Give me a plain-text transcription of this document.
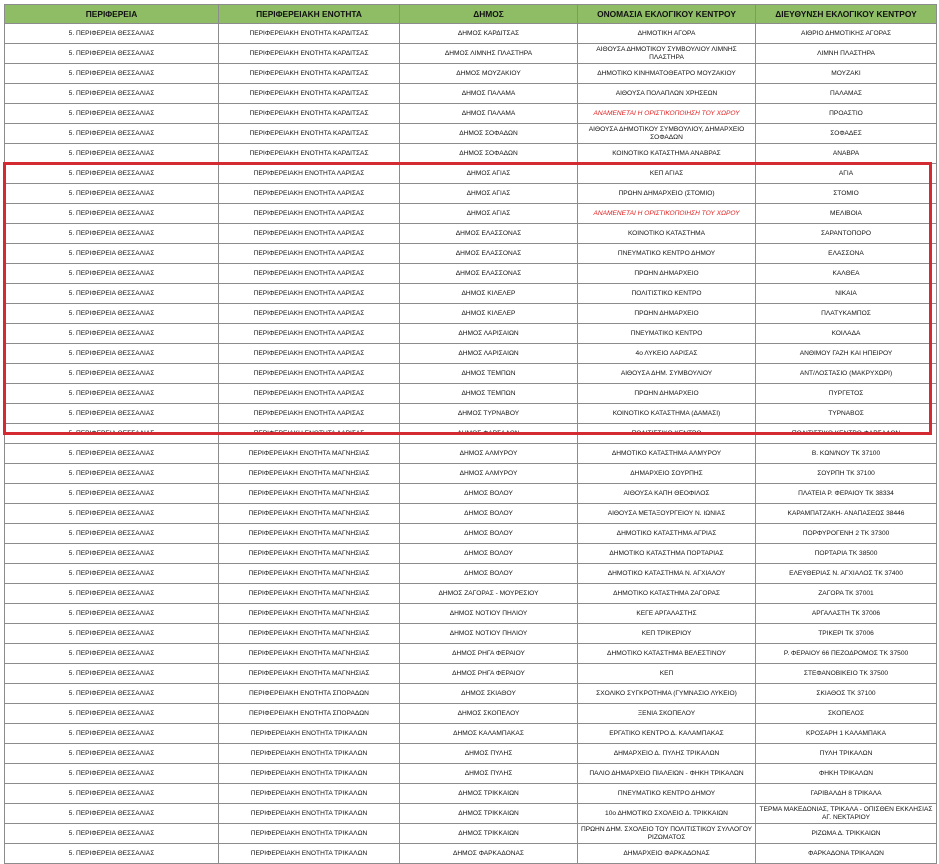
ΠΕΡΙΦΕΡΕΙΑ	ΠΕΡΙΦΕΡΕΙΑΚΗ ΕΝΟΤΗΤΑ	ΔΗΜΟΣ	ΟΝΟΜΑΣΙΑ ΕΚΛΟΓΙΚΟΥ ΚΕΝΤΡΟΥ	ΔΙΕΥΘΥΝΣΗ ΕΚΛΟΓΙΚΟΥ ΚΕΝΤΡΟΥ
5. ΠΕΡΙΦΕΡΕΙΑ ΘΕΣΣΑΛΙΑΣ	ΠΕΡΙΦΕΡΕΙΑΚΗ ΕΝΟΤΗΤΑ ΚΑΡΔΙΤΣΑΣ	ΔΗΜΟΣ ΚΑΡΔΙΤΣΑΣ	ΔΗΜΟΤΙΚΗ ΑΓΟΡΑ	ΑΙΘΡΙΟ ΔΗΜΟΤΙΚΗΣ ΑΓΟΡΑΣ
5. ΠΕΡΙΦΕΡΕΙΑ ΘΕΣΣΑΛΙΑΣ	ΠΕΡΙΦΕΡΕΙΑΚΗ ΕΝΟΤΗΤΑ ΚΑΡΔΙΤΣΑΣ	ΔΗΜΟΣ ΛΙΜΝΗΣ ΠΛΑΣΤΗΡΑ	ΑΙΘΟΥΣΑ ΔΗΜΟΤΙΚΟΥ ΣΥΜΒΟΥΛΙΟΥ ΛΙΜΝΗΣ ΠΛΑΣΤΗΡΑ	ΛΙΜΝΗ ΠΛΑΣΤΗΡΑ
5. ΠΕΡΙΦΕΡΕΙΑ ΘΕΣΣΑΛΙΑΣ	ΠΕΡΙΦΕΡΕΙΑΚΗ ΕΝΟΤΗΤΑ ΚΑΡΔΙΤΣΑΣ	ΔΗΜΟΣ ΜΟΥΖΑΚΙΟΥ	ΔΗΜΟΤΙΚΟ ΚΙΝΗΜΑΤΟΘΕΑΤΡΟ ΜΟΥΖΑΚΙΟΥ	ΜΟΥΖΑΚΙ
5. ΠΕΡΙΦΕΡΕΙΑ ΘΕΣΣΑΛΙΑΣ	ΠΕΡΙΦΕΡΕΙΑΚΗ ΕΝΟΤΗΤΑ ΚΑΡΔΙΤΣΑΣ	ΔΗΜΟΣ ΠΑΛΑΜΑ	ΑΙΘΟΥΣΑ ΠΟΛΑΠΛΩΝ ΧΡΗΣΕΩΝ	ΠΑΛΑΜΑΣ
5. ΠΕΡΙΦΕΡΕΙΑ ΘΕΣΣΑΛΙΑΣ	ΠΕΡΙΦΕΡΕΙΑΚΗ ΕΝΟΤΗΤΑ ΚΑΡΔΙΤΣΑΣ	ΔΗΜΟΣ ΠΑΛΑΜΑ	ΑΝΑΜΕΝΕΤΑΙ Η ΟΡΙΣΤΙΚΟΠΟΙΗΣΗ ΤΟΥ ΧΩΡΟΥ	ΠΡΟΑΣΤΙΟ
5. ΠΕΡΙΦΕΡΕΙΑ ΘΕΣΣΑΛΙΑΣ	ΠΕΡΙΦΕΡΕΙΑΚΗ ΕΝΟΤΗΤΑ ΚΑΡΔΙΤΣΑΣ	ΔΗΜΟΣ ΣΟΦΑΔΩΝ	ΑΙΘΟΥΣΑ ΔΗΜΟΤΙΚΟΥ ΣΥΜΒΟΥΛΙΟΥ, ΔΗΜΑΡΧΕΙΟ ΣΟΦΑΔΩΝ	ΣΟΦΑΔΕΣ
5. ΠΕΡΙΦΕΡΕΙΑ ΘΕΣΣΑΛΙΑΣ	ΠΕΡΙΦΕΡΕΙΑΚΗ ΕΝΟΤΗΤΑ ΚΑΡΔΙΤΣΑΣ	ΔΗΜΟΣ ΣΟΦΑΔΩΝ	ΚΟΙΝΟΤΙΚΟ ΚΑΤΑΣΤΗΜΑ ΑΝΑΒΡΑΣ	ΑΝΑΒΡΑ
5. ΠΕΡΙΦΕΡΕΙΑ ΘΕΣΣΑΛΙΑΣ	ΠΕΡΙΦΕΡΕΙΑΚΗ ΕΝΟΤΗΤΑ ΛΑΡΙΣΑΣ	ΔΗΜΟΣ ΑΓΙΑΣ	ΚΕΠ ΑΓΙΑΣ	ΑΓΙΑ
5. ΠΕΡΙΦΕΡΕΙΑ ΘΕΣΣΑΛΙΑΣ	ΠΕΡΙΦΕΡΕΙΑΚΗ ΕΝΟΤΗΤΑ ΛΑΡΙΣΑΣ	ΔΗΜΟΣ ΑΓΙΑΣ	ΠΡΩΗΝ ΔΗΜΑΡΧΕΙΟ (ΣΤΟΜΙΟ)	ΣΤΟΜΙΟ
5. ΠΕΡΙΦΕΡΕΙΑ ΘΕΣΣΑΛΙΑΣ	ΠΕΡΙΦΕΡΕΙΑΚΗ ΕΝΟΤΗΤΑ ΛΑΡΙΣΑΣ	ΔΗΜΟΣ ΑΓΙΑΣ	ΑΝΑΜΕΝΕΤΑΙ Η ΟΡΙΣΤΙΚΟΠΟΙΗΣΗ ΤΟΥ ΧΩΡΟΥ	ΜΕΛΙΒΟΙΑ
5. ΠΕΡΙΦΕΡΕΙΑ ΘΕΣΣΑΛΙΑΣ	ΠΕΡΙΦΕΡΕΙΑΚΗ ΕΝΟΤΗΤΑ ΛΑΡΙΣΑΣ	ΔΗΜΟΣ ΕΛΑΣΣΟΝΑΣ	ΚΟΙΝΟΤΙΚΟ ΚΑΤΑΣΤΗΜΑ	ΣΑΡΑΝΤΟΠΟΡΟ
5. ΠΕΡΙΦΕΡΕΙΑ ΘΕΣΣΑΛΙΑΣ	ΠΕΡΙΦΕΡΕΙΑΚΗ ΕΝΟΤΗΤΑ ΛΑΡΙΣΑΣ	ΔΗΜΟΣ ΕΛΑΣΣΟΝΑΣ	ΠΝΕΥΜΑΤΙΚΟ ΚΕΝΤΡΟ ΔΗΜΟΥ	ΕΛΑΣΣΟΝΑ
5. ΠΕΡΙΦΕΡΕΙΑ ΘΕΣΣΑΛΙΑΣ	ΠΕΡΙΦΕΡΕΙΑΚΗ ΕΝΟΤΗΤΑ ΛΑΡΙΣΑΣ	ΔΗΜΟΣ ΕΛΑΣΣΟΝΑΣ	ΠΡΩΗΝ ΔΗΜΑΡΧΕΙΟ	ΚΑΛΘΕΑ
5. ΠΕΡΙΦΕΡΕΙΑ ΘΕΣΣΑΛΙΑΣ	ΠΕΡΙΦΕΡΕΙΑΚΗ ΕΝΟΤΗΤΑ ΛΑΡΙΣΑΣ	ΔΗΜΟΣ ΚΙΛΕΛΕΡ	ΠΟΛΙΤΙΣΤΙΚΟ ΚΕΝΤΡΟ	ΝΙΚΑΙΑ
5. ΠΕΡΙΦΕΡΕΙΑ ΘΕΣΣΑΛΙΑΣ	ΠΕΡΙΦΕΡΕΙΑΚΗ ΕΝΟΤΗΤΑ ΛΑΡΙΣΑΣ	ΔΗΜΟΣ ΚΙΛΕΛΕΡ	ΠΡΩΗΝ ΔΗΜΑΡΧΕΙΟ	ΠΛΑΤΥΚΑΜΠΟΣ
5. ΠΕΡΙΦΕΡΕΙΑ ΘΕΣΣΑΛΙΑΣ	ΠΕΡΙΦΕΡΕΙΑΚΗ ΕΝΟΤΗΤΑ ΛΑΡΙΣΑΣ	ΔΗΜΟΣ ΛΑΡΙΣΑΙΩΝ	ΠΝΕΥΜΑΤΙΚΟ ΚΕΝΤΡΟ	ΚΟΙΛΑΔΑ
5. ΠΕΡΙΦΕΡΕΙΑ ΘΕΣΣΑΛΙΑΣ	ΠΕΡΙΦΕΡΕΙΑΚΗ ΕΝΟΤΗΤΑ ΛΑΡΙΣΑΣ	ΔΗΜΟΣ ΛΑΡΙΣΑΙΩΝ	4ο ΛΥΚΕΙΟ ΛΑΡΙΣΑΣ	ΑΝΘΙΜΟΥ ΓΑΖΗ ΚΑΙ ΗΠΕΙΡΟΥ
5. ΠΕΡΙΦΕΡΕΙΑ ΘΕΣΣΑΛΙΑΣ	ΠΕΡΙΦΕΡΕΙΑΚΗ ΕΝΟΤΗΤΑ ΛΑΡΙΣΑΣ	ΔΗΜΟΣ ΤΕΜΠΩΝ	ΑΙΘΟΥΣΑ ΔΗΜ. ΣΥΜΒΟΥΛΙΟΥ	ΑΝΤ/ΛΟΣΤΑΣΙΟ (ΜΑΚΡΥΧΩΡΙ)
5. ΠΕΡΙΦΕΡΕΙΑ ΘΕΣΣΑΛΙΑΣ	ΠΕΡΙΦΕΡΕΙΑΚΗ ΕΝΟΤΗΤΑ ΛΑΡΙΣΑΣ	ΔΗΜΟΣ ΤΕΜΠΩΝ	ΠΡΩΗΝ ΔΗΜΑΡΧΕΙΟ	ΠΥΡΓΕΤΟΣ
5. ΠΕΡΙΦΕΡΕΙΑ ΘΕΣΣΑΛΙΑΣ	ΠΕΡΙΦΕΡΕΙΑΚΗ ΕΝΟΤΗΤΑ ΛΑΡΙΣΑΣ	ΔΗΜΟΣ ΤΥΡΝΑΒΟΥ	ΚΟΙΝΟΤΙΚΟ ΚΑΤΑΣΤΗΜΑ (ΔΑΜΑΣΙ)	ΤΥΡΝΑΒΟΣ
5. ΠΕΡΙΦΕΡΕΙΑ ΘΕΣΣΑΛΙΑΣ	ΠΕΡΙΦΕΡΕΙΑΚΗ ΕΝΟΤΗΤΑ ΛΑΡΙΣΑΣ	ΔΗΜΟΣ ΦΑΡΣΑΛΩΝ	ΠΟΛΙΤΙΣΤΙΚΟ ΚΕΝΤΡΟ	ΠΟΛΙΤΙΣΤΙΚΟ ΚΕΝΤΡΟ ΦΑΡΣΑΛΩΝ
5. ΠΕΡΙΦΕΡΕΙΑ ΘΕΣΣΑΛΙΑΣ	ΠΕΡΙΦΕΡΕΙΑΚΗ ΕΝΟΤΗΤΑ ΜΑΓΝΗΣΙΑΣ	ΔΗΜΟΣ ΑΛΜΥΡΟΥ	ΔΗΜΟΤΙΚΟ ΚΑΤΑΣΤΗΜΑ ΑΛΜΥΡΟΥ	Β. ΚΩΝ/ΝΟΥ ΤΚ 37100
5. ΠΕΡΙΦΕΡΕΙΑ ΘΕΣΣΑΛΙΑΣ	ΠΕΡΙΦΕΡΕΙΑΚΗ ΕΝΟΤΗΤΑ ΜΑΓΝΗΣΙΑΣ	ΔΗΜΟΣ ΑΛΜΥΡΟΥ	ΔΗΜΑΡΧΕΙΟ ΣΟΥΡΠΗΣ	ΣΟΥΡΠΗ ΤΚ 37100
5. ΠΕΡΙΦΕΡΕΙΑ ΘΕΣΣΑΛΙΑΣ	ΠΕΡΙΦΕΡΕΙΑΚΗ ΕΝΟΤΗΤΑ ΜΑΓΝΗΣΙΑΣ	ΔΗΜΟΣ ΒΟΛΟΥ	ΑΙΘΟΥΣΑ ΚΑΠΗ ΘΕΟΦΙΛΟΣ	ΠΛΑΤΕΙΑ Ρ. ΦΕΡΑΙΟΥ ΤΚ 38334
5. ΠΕΡΙΦΕΡΕΙΑ ΘΕΣΣΑΛΙΑΣ	ΠΕΡΙΦΕΡΕΙΑΚΗ ΕΝΟΤΗΤΑ ΜΑΓΝΗΣΙΑΣ	ΔΗΜΟΣ ΒΟΛΟΥ	ΑΙΘΟΥΣΑ ΜΕΤΑΞΟΥΡΓΕΙΟΥ Ν. ΙΩΝΙΑΣ	ΚΑΡΑΜΠΑΤΖΑΚΗ- ΑΝΑΠΑΣΕΩΣ 38446
5. ΠΕΡΙΦΕΡΕΙΑ ΘΕΣΣΑΛΙΑΣ	ΠΕΡΙΦΕΡΕΙΑΚΗ ΕΝΟΤΗΤΑ ΜΑΓΝΗΣΙΑΣ	ΔΗΜΟΣ ΒΟΛΟΥ	ΔΗΜΟΤΙΚΟ ΚΑΤΑΣΤΗΜΑ ΑΓΡΙΑΣ	ΠΟΡΦΥΡΟΓΕΝΗ 2 ΤΚ 37300
5. ΠΕΡΙΦΕΡΕΙΑ ΘΕΣΣΑΛΙΑΣ	ΠΕΡΙΦΕΡΕΙΑΚΗ ΕΝΟΤΗΤΑ ΜΑΓΝΗΣΙΑΣ	ΔΗΜΟΣ ΒΟΛΟΥ	ΔΗΜΟΤΙΚΟ ΚΑΤΑΣΤΗΜΑ ΠΟΡΤΑΡΙΑΣ	ΠΟΡΤΑΡΙΑ ΤΚ 38500
5. ΠΕΡΙΦΕΡΕΙΑ ΘΕΣΣΑΛΙΑΣ	ΠΕΡΙΦΕΡΕΙΑΚΗ ΕΝΟΤΗΤΑ ΜΑΓΝΗΣΙΑΣ	ΔΗΜΟΣ ΒΟΛΟΥ	ΔΗΜΟΤΙΚΟ ΚΑΤΑΣΤΗΜΑ Ν. ΑΓΧΙΑΛΟΥ	ΕΛΕΥΘΕΡΙΑΣ Ν. ΑΓΧΙΑΛΟΣ ΤΚ 37400
5. ΠΕΡΙΦΕΡΕΙΑ ΘΕΣΣΑΛΙΑΣ	ΠΕΡΙΦΕΡΕΙΑΚΗ ΕΝΟΤΗΤΑ ΜΑΓΝΗΣΙΑΣ	ΔΗΜΟΣ ΖΑΓΟΡΑΣ - ΜΟΥΡΕΣΙΟΥ	ΔΗΜΟΤΙΚΟ ΚΑΤΑΣΤΗΜΑ ΖΑΓΟΡΑΣ	ΖΑΓΟΡΑ ΤΚ 37001
5. ΠΕΡΙΦΕΡΕΙΑ ΘΕΣΣΑΛΙΑΣ	ΠΕΡΙΦΕΡΕΙΑΚΗ ΕΝΟΤΗΤΑ ΜΑΓΝΗΣΙΑΣ	ΔΗΜΟΣ ΝΟΤΙΟΥ ΠΗΛΙΟΥ	ΚΕΓΕ ΑΡΓΑΛΑΣΤΗΣ	ΑΡΓΑΛΑΣΤΗ ΤΚ 37006
5. ΠΕΡΙΦΕΡΕΙΑ ΘΕΣΣΑΛΙΑΣ	ΠΕΡΙΦΕΡΕΙΑΚΗ ΕΝΟΤΗΤΑ ΜΑΓΝΗΣΙΑΣ	ΔΗΜΟΣ ΝΟΤΙΟΥ ΠΗΛΙΟΥ	ΚΕΠ ΤΡΙΚΕΡΙΟΥ	ΤΡΙΚΕΡΙ ΤΚ 37006
5. ΠΕΡΙΦΕΡΕΙΑ ΘΕΣΣΑΛΙΑΣ	ΠΕΡΙΦΕΡΕΙΑΚΗ ΕΝΟΤΗΤΑ ΜΑΓΝΗΣΙΑΣ	ΔΗΜΟΣ ΡΗΓΑ ΦΕΡΑΙΟΥ	ΔΗΜΟΤΙΚΟ ΚΑΤΑΣΤΗΜΑ ΒΕΛΕΣΤΙΝΟΥ	Ρ. ΦΕΡΑΙΟΥ 66 ΠΕΖΟΔΡΟΜΟΣ ΤΚ 37500
5. ΠΕΡΙΦΕΡΕΙΑ ΘΕΣΣΑΛΙΑΣ	ΠΕΡΙΦΕΡΕΙΑΚΗ ΕΝΟΤΗΤΑ ΜΑΓΝΗΣΙΑΣ	ΔΗΜΟΣ ΡΗΓΑ ΦΕΡΑΙΟΥ	ΚΕΠ	ΣΤΕΦΑΝΟΒΙΚΕΙΟ ΤΚ 37500
5. ΠΕΡΙΦΕΡΕΙΑ ΘΕΣΣΑΛΙΑΣ	ΠΕΡΙΦΕΡΕΙΑΚΗ ΕΝΟΤΗΤΑ ΣΠΟΡΑΔΩΝ	ΔΗΜΟΣ ΣΚΙΑΘΟΥ	ΣΧΟΛΙΚΟ ΣΥΓΚΡΟΤΗΜΑ (ΓΥΜΝΑΣΙΟ ΛΥΚΕΙΟ)	ΣΚΙΑΘΟΣ ΤΚ 37100
5. ΠΕΡΙΦΕΡΕΙΑ ΘΕΣΣΑΛΙΑΣ	ΠΕΡΙΦΕΡΕΙΑΚΗ ΕΝΟΤΗΤΑ ΣΠΟΡΑΔΩΝ	ΔΗΜΟΣ ΣΚΟΠΕΛΟΥ	ΞΕΝΙΑ ΣΚΟΠΕΛΟΥ	ΣΚΟΠΕΛΟΣ
5. ΠΕΡΙΦΕΡΕΙΑ ΘΕΣΣΑΛΙΑΣ	ΠΕΡΙΦΕΡΕΙΑΚΗ ΕΝΟΤΗΤΑ ΤΡΙΚΑΛΩΝ	ΔΗΜΟΣ ΚΑΛΑΜΠΑΚΑΣ	ΕΡΓΑΤΙΚΟ ΚΕΝΤΡΟ Δ. ΚΑΛΑΜΠΑΚΑΣ	ΚΡΟΣΑΡΗ 1 ΚΑΛΑΜΠΑΚΑ
5. ΠΕΡΙΦΕΡΕΙΑ ΘΕΣΣΑΛΙΑΣ	ΠΕΡΙΦΕΡΕΙΑΚΗ ΕΝΟΤΗΤΑ ΤΡΙΚΑΛΩΝ	ΔΗΜΟΣ ΠΥΛΗΣ	ΔΗΜΑΡΧΕΙΟ Δ. ΠΥΛΗΣ ΤΡΙΚΑΛΩΝ	ΠΥΛΗ ΤΡΙΚΑΛΩΝ
5. ΠΕΡΙΦΕΡΕΙΑ ΘΕΣΣΑΛΙΑΣ	ΠΕΡΙΦΕΡΕΙΑΚΗ ΕΝΟΤΗΤΑ ΤΡΙΚΑΛΩΝ	ΔΗΜΟΣ ΠΥΛΗΣ	ΠΑΛΙΟ ΔΗΜΑΡΧΕΙΟ ΠΙΑΛΕΙΩΝ - ΦΗΚΗ ΤΡΙΚΑΛΩΝ	ΦΗΚΗ ΤΡΙΚΑΛΩΝ
5. ΠΕΡΙΦΕΡΕΙΑ ΘΕΣΣΑΛΙΑΣ	ΠΕΡΙΦΕΡΕΙΑΚΗ ΕΝΟΤΗΤΑ ΤΡΙΚΑΛΩΝ	ΔΗΜΟΣ ΤΡΙΚΚΑΙΩΝ	ΠΝΕΥΜΑΤΙΚΟ ΚΕΝΤΡΟ ΔΗΜΟΥ	ΓΑΡΙΒΑΛΔΗ 8 ΤΡΙΚΑΛΑ
5. ΠΕΡΙΦΕΡΕΙΑ ΘΕΣΣΑΛΙΑΣ	ΠΕΡΙΦΕΡΕΙΑΚΗ ΕΝΟΤΗΤΑ ΤΡΙΚΑΛΩΝ	ΔΗΜΟΣ ΤΡΙΚΚΑΙΩΝ	10ο ΔΗΜΟΤΙΚΟ ΣΧΟΛΕΙΟ Δ. ΤΡΙΚΚΑΙΩΝ	ΤΕΡΜΑ ΜΑΚΕΔΟΝΙΑΣ, ΤΡΙΚΑΛΑ - ΟΠΙΣΘΕΝ ΕΚΚΛΗΣΙΑΣ ΑΓ. ΝΕΚΤΑΡΙΟΥ
5. ΠΕΡΙΦΕΡΕΙΑ ΘΕΣΣΑΛΙΑΣ	ΠΕΡΙΦΕΡΕΙΑΚΗ ΕΝΟΤΗΤΑ ΤΡΙΚΑΛΩΝ	ΔΗΜΟΣ ΤΡΙΚΚΑΙΩΝ	ΠΡΩΗΝ ΔΗΜ. ΣΧΟΛΕΙΟ ΤΟΥ ΠΟΛΙΤΙΣΤΙΚΟΥ ΣΥΛΛΟΓΟΥ ΡΙΖΩΜΑΤΟΣ	ΡΙΖΩΜΑ Δ. ΤΡΙΚΚΑΙΩΝ
5. ΠΕΡΙΦΕΡΕΙΑ ΘΕΣΣΑΛΙΑΣ	ΠΕΡΙΦΕΡΕΙΑΚΗ ΕΝΟΤΗΤΑ ΤΡΙΚΑΛΩΝ	ΔΗΜΟΣ ΦΑΡΚΑΔΟΝΑΣ	ΔΗΜΑΡΧΕΙΟ ΦΑΡΚΑΔΟΝΑΣ	ΦΑΡΚΑΔΟΝΑ ΤΡΙΚΑΛΩΝ
